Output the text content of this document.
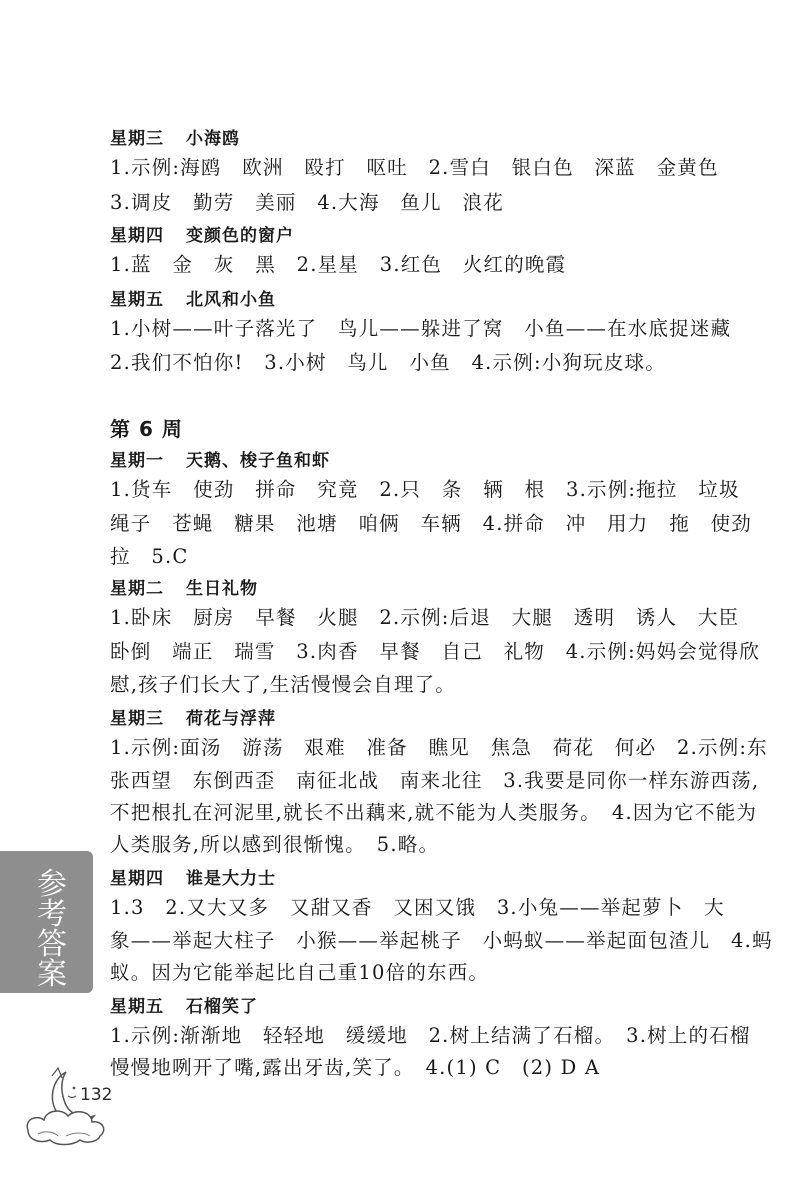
星期三 小海鸥
1.示例:海鸥　欧洲　殴打　呕吐　2.雪白　银白色　深蓝　金黄色
3.调皮　勤劳　美丽　4.大海　鱼儿　浪花
星期四 变颜色的窗户
1.蓝　金　灰　黑　2.星星　3.红色　火红的晚霞
星期五 北风和小鱼
1.小树——叶子落光了　鸟儿——躲进了窝　小鱼——在水底捉迷藏
2.我们不怕你!　3.小树　鸟儿　小鱼　4.示例:小狗玩皮球。
第 6 周
星期一 天鹅、梭子鱼和虾
1.货车　使劲　拼命　究竟　2.只　条　辆　根　3.示例:拖拉　垃圾
绳子　苍蝇　糖果　池塘　咱俩　车辆　4.拼命　冲　用力　拖　使劲
拉　5.C
星期二 生日礼物
1.卧床　厨房　早餐　火腿　2.示例:后退　大腿　透明　诱人　大臣
卧倒　端正　瑞雪　3.肉香　早餐　自己　礼物　4.示例:妈妈会觉得欣
慰,孩子们长大了,生活慢慢会自理了。
星期三 荷花与浮萍
1.示例:面汤　游荡　艰难　准备　瞧见　焦急　荷花　何必　2.示例:东
张西望　东倒西歪　南征北战　南来北往　3.我要是同你一样东游西荡,
不把根扎在河泥里,就长不出藕来,就不能为人类服务。　4.因为它不能为
人类服务,所以感到很惭愧。　5.略。
星期四 谁是大力士
1.3　2.又大又多　又甜又香　又困又饿　3.小兔——举起萝卜　大
象——举起大柱子　小猴——举起桃子　小蚂蚁——举起面包渣儿　4.蚂
蚁。因为它能举起比自己重10倍的东西。
星期五 石榴笑了
1.示例:渐渐地　轻轻地　缓缓地　2.树上结满了石榴。　3.树上的石榴
慢慢地咧开了嘴,露出牙齿,笑了。　4.(1) C　(2) D A
参考答案
132
